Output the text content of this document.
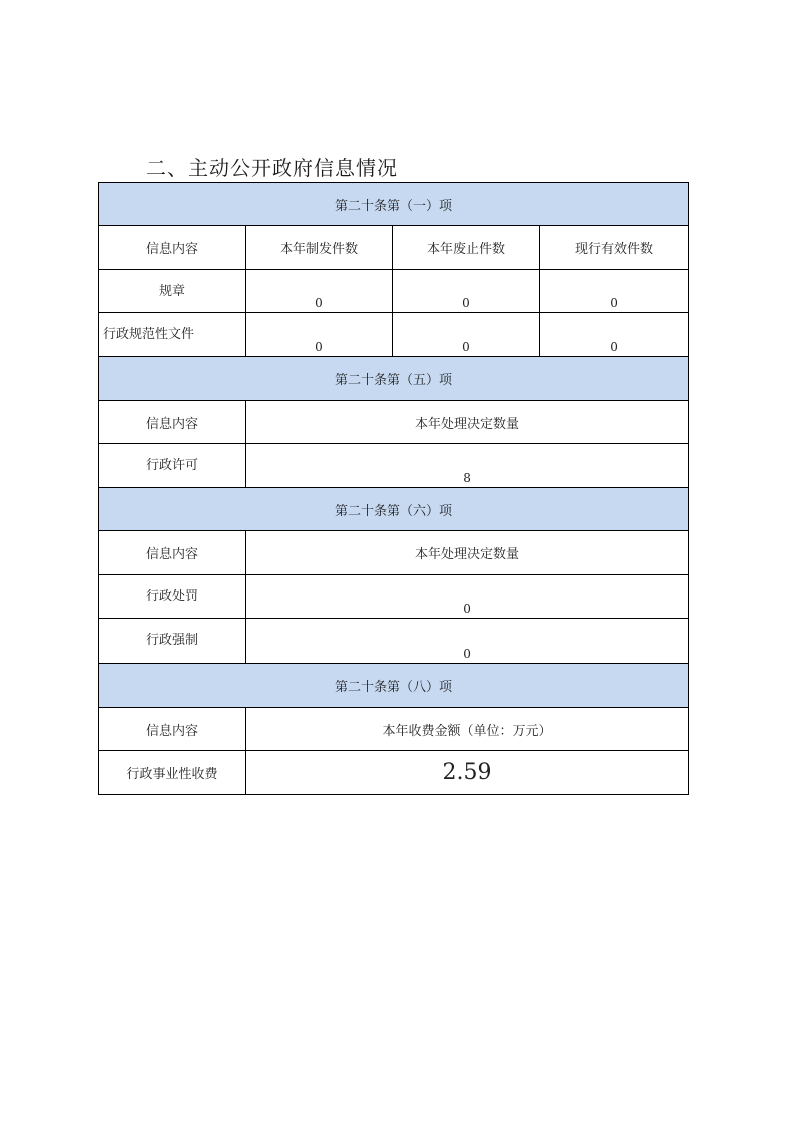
二、主动公开政府信息情况
第二十条第（一）项			
信息内容	本年制发件数	本年废止件数	现行有效件数

规章	0	0	0

行政规范性文件	0	0	0

第二十条第（五）项			
信息内容	本年处理决定数量		

行政许可	8		

第二十条第（六）项			
信息内容	本年处理决定数量		

行政处罚	0		

行政强制	0		

第二十条第（八）项			
信息内容	本年收费金额（单位：万元）		
行政事业性收费	2.59		
